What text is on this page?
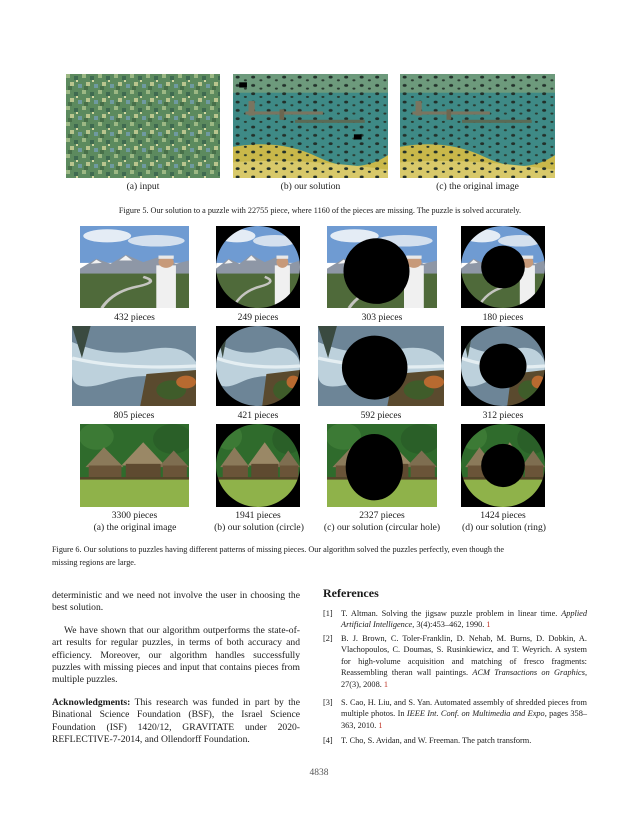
(a) input	(b) our solution	(c) the original image
Figure 5. Our solution to a puzzle with 22755 piece, where 1160 of the pieces are missing. The puzzle is solved accurately.
432 pieces	249 pieces	303 pieces	180 pieces
805 pieces	421 pieces	592 pieces	312 pieces
3300 pieces	1941 pieces	2327 pieces	1424 pieces
(a) the original image	(b) our solution (circle)	(c) our solution (circular hole)	(d) our solution (ring)
Figure 6. Our solutions to puzzles having different patterns of missing pieces. Our algorithm solved the puzzles perfectly, even though the
missing regions are large.

deterministic and we need not involve the user in choosing the best solution.

We have shown that our algorithm outperforms the state-of-art results for regular puzzles, in terms of both accuracy and efficiency. Moreover, our algorithm handles successfully puzzles with missing pieces and input that contains pieces from multiple puzzles.

Acknowledgments: This research was funded in part by the Binational Science Foundation (BSF), the Israel Science Foundation (ISF) 1420/12, GRAVITATE under 2020-REFLECTIVE-7-2014, and Ollendorff Foundation.

References
[1] T. Altman. Solving the jigsaw puzzle problem in linear time. Applied Artificial Intelligence, 3(4):453–462, 1990. 1
[2] B. J. Brown, C. Toler-Franklin, D. Nehab, M. Burns, D. Dobkin, A. Vlachopoulos, C. Doumas, S. Rusinkiewicz, and T. Weyrich. A system for high-volume acquisition and matching of fresco fragments: Reassembling theran wall paintings. ACM Transactions on Graphics, 27(3), 2008. 1
[3] S. Cao, H. Liu, and S. Yan. Automated assembly of shredded pieces from multiple photos. In IEEE Int. Conf. on Multimedia and Expo, pages 358–363, 2010. 1
[4] T. Cho, S. Avidan, and W. Freeman. The patch transform.
4838
